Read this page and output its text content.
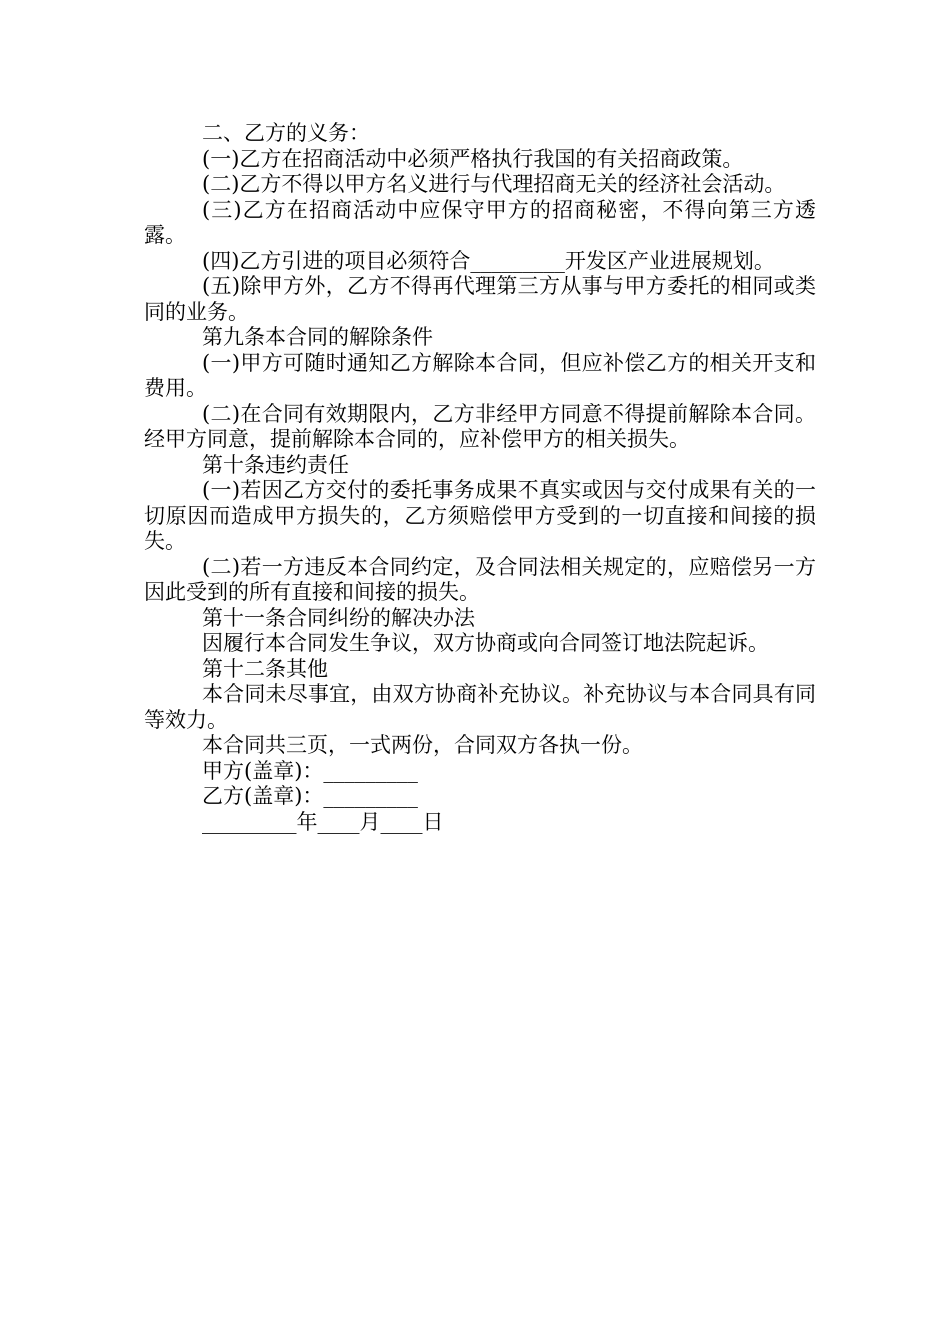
二、乙方的义务：

(一)乙方在招商活动中必须严格执行我国的有关招商政策。

(二)乙方不得以甲方名义进行与代理招商无关的经济社会活动。

(三)乙方在招商活动中应保守甲方的招商秘密，不得向第三方透露。

(四)乙方引进的项目必须符合_________开发区产业进展规划。

(五)除甲方外，乙方不得再代理第三方从事与甲方委托的相同或类同的业务。

第九条本合同的解除条件

(一)甲方可随时通知乙方解除本合同，但应补偿乙方的相关开支和费用。

(二)在合同有效期限内，乙方非经甲方同意不得提前解除本合同。经甲方同意，提前解除本合同的，应补偿甲方的相关损失。

第十条违约责任

(一)若因乙方交付的委托事务成果不真实或因与交付成果有关的一切原因而造成甲方损失的，乙方须赔偿甲方受到的一切直接和间接的损失。

(二)若一方违反本合同约定，及合同法相关规定的，应赔偿另一方因此受到的所有直接和间接的损失。

第十一条合同纠纷的解决办法

因履行本合同发生争议，双方协商或向合同签订地法院起诉。

第十二条其他

本合同未尽事宜，由双方协商补充协议。补充协议与本合同具有同等效力。

本合同共三页，一式两份，合同双方各执一份。

甲方(盖章)：_________

乙方(盖章)：_________

_________年____月____日
